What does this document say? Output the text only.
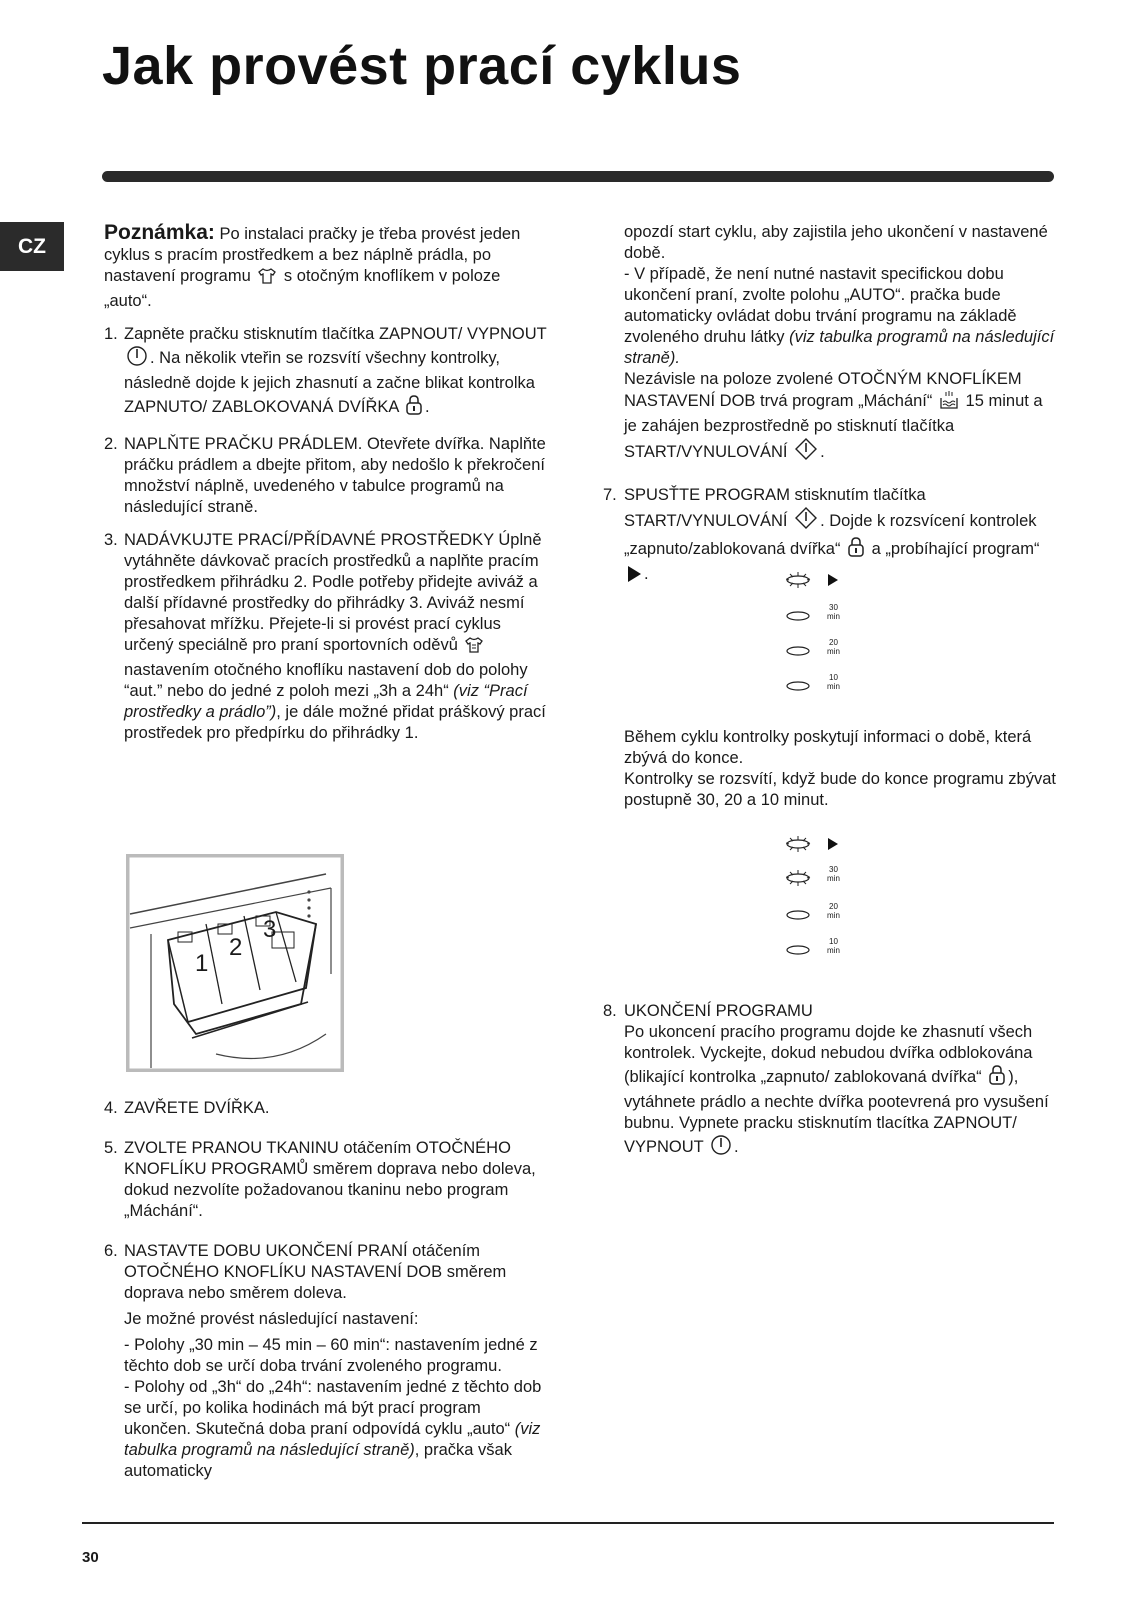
Jak provést prací cyklus
CZ

Poznámka: Po instalaci pračky je třeba provést jeden cyklus s pracím prostředkem a bez náplně prádla, po nastavení programu  s otočným knoflíkem v poloze „auto“.

1. Zapněte pračku stisknutím tlačítka ZAPNOUT/ VYPNOUT . Na několik vteřin se rozsvítí všechny kontrolky, následně dojde k jejich zhasnutí a začne blikat kontrolka ZAPNUTO/ ZABLOKOVANÁ DVÍŘKA .
2. NAPLŇTE PRAČKU PRÁDLEM. Otevřete dvířka. Naplňte práčku prádlem a dbejte přitom, aby nedošlo k překročení množství náplně, uvedeného v tabulce programů na následující straně.
3. NADÁVKUJTE PRACÍ/PŘÍDAVNÉ PROSTŘEDKY Úplně vytáhněte dávkovač pracích prostředků a naplňte pracím prostředkem přihrádku 2. Podle potřeby přidejte aviváž a další přídavné prostředky do přihrádky 3. Aviváž nesmí přesahovat mřížku. Přejete-li si provést prací cyklus určený speciálně pro praní sportovních oděvů  nastavením otočného knoflíku nastavení dob do polohy “aut.” nebo do jedné z poloh mezi „3h a 24h“ (viz “Prací prostředky a prádlo”), je dále možné přidat práškový prací prostředek pro předpírku do přihrádky 1.
1
2
3
4. ZAVŘETE DVÍŘKA.
5. ZVOLTE PRANOU TKANINU otáčením OTOČNÉHO KNOFLÍKU PROGRAMŮ směrem doprava nebo doleva, dokud nezvolíte požadovanou tkaninu nebo program „Máchání“.
6. NASTAVTE DOBU UKONČENÍ PRANÍ otáčením OTOČNÉHO KNOFLÍKU NASTAVENÍ DOB směrem doprava nebo směrem doleva.

Je možné provést následující nastavení:

- Polohy „30 min – 45 min – 60 min“: nastavením jedné z těchto dob se určí doba trvání zvoleného programu.

- Polohy od „3h“ do „24h“: nastavením jedné z těchto dob se určí, po kolika hodinách má být prací program ukončen. Skutečná doba praní odpovídá cyklu „auto“ (viz tabulka programů na následující straně), pračka však automaticky

opozdí start cyklu, aby zajistila jeho ukončení v nastavené době.

- V případě, že není nutné nastavit specifickou dobu ukončení praní, zvolte polohu „AUTO“. pračka bude automaticky ovládat dobu trvání programu na základě zvoleného druhu látky (viz tabulka programů na následující straně).

Nezávisle na poloze zvolené OTOČNÝM KNOFLÍKEM NASTAVENÍ DOB trvá program „Máchání“  15 minut a je zahájen bezprostředně po stisknutí tlačítka START/VYNULOVÁNÍ .

7. SPUSŤTE PROGRAM stisknutím tlačítka START/VYNULOVÁNÍ . Dojde k rozsvícení kontrolek „zapnuto/zablokovaná dvířka“  a „probíhající program“ .
30
min
20
min
10
min

Během cyklu kontrolky poskytují informaci o době, která zbývá do konce.

Kontrolky se rozsvítí, když bude do konce programu zbývat postupně 30, 20 a 10 minut.

30
min
20
min
10
min
8. UKONČENÍ PROGRAMU

Po ukoncení pracího programu dojde ke zhasnutí všech kontrolek. Vyckejte, dokud nebudou dvířka odblokována (blikající kontrolka „zapnuto/ zablokovaná dvířka“ ), vytáhnete prádlo a nechte dvířka pootevrená pro vysušení bubnu. Vypnete pracku stisknutím tlacítka ZAPNOUT/ VYPNOUT .

30
